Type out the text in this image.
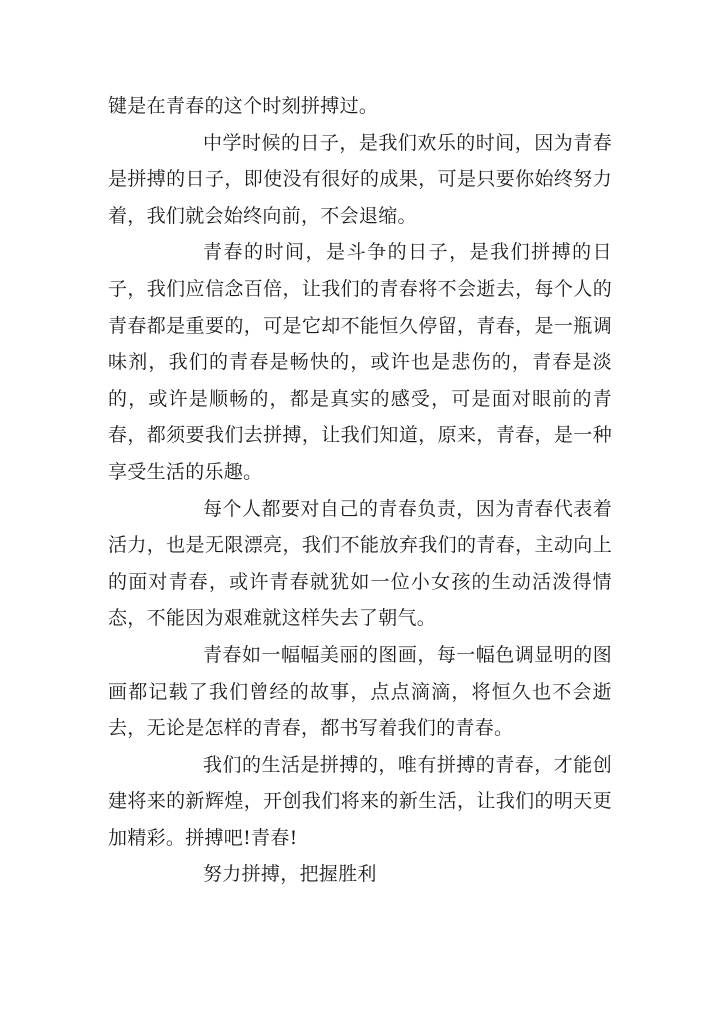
键是在青春的这个时刻拼搏过。

中学时候的日子，是我们欢乐的时间，因为青春是拼搏的日子，即使没有很好的成果，可是只要你始终努力着，我们就会始终向前，不会退缩。

青春的时间，是斗争的日子，是我们拼搏的日子，我们应信念百倍，让我们的青春将不会逝去，每个人的青春都是重要的，可是它却不能恒久停留，青春，是一瓶调味剂，我们的青春是畅快的，或许也是悲伤的，青春是淡的，或许是顺畅的，都是真实的感受，可是面对眼前的青春，都须要我们去拼搏，让我们知道，原来，青春，是一种享受生活的乐趣。

每个人都要对自己的青春负责，因为青春代表着活力，也是无限漂亮，我们不能放弃我们的青春，主动向上的面对青春，或许青春就犹如一位小女孩的生动活泼得情态，不能因为艰难就这样失去了朝气。

青春如一幅幅美丽的图画，每一幅色调显明的图画都记载了我们曾经的故事，点点滴滴，将恒久也不会逝去，无论是怎样的青春，都书写着我们的青春。

我们的生活是拼搏的，唯有拼搏的青春，才能创建将来的新辉煌，开创我们将来的新生活，让我们的明天更加精彩。拼搏吧!青春!

努力拼搏，把握胜利
